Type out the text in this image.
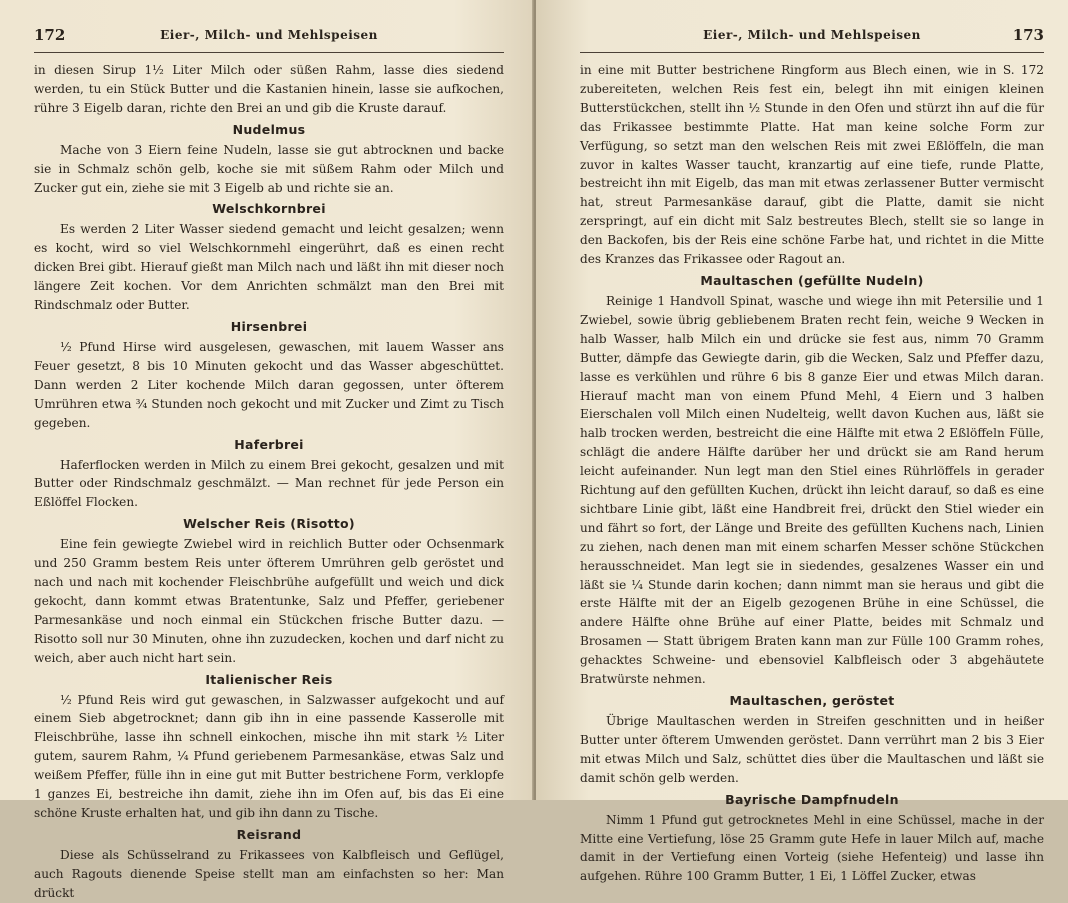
172	Eier-, Milch- und Mehlspeisen

in diesen Sirup 1½ Liter Milch oder süßen Rahm, lasse dies siedend werden, tu ein Stück Butter und die Kastanien hinein, lasse sie aufkochen, rühre 3 Eigelb daran, richte den Brei an und gib die Kruste darauf.

Nudelmus

Mache von 3 Eiern feine Nudeln, lasse sie gut abtrocknen und backe sie in Schmalz schön gelb, koche sie mit süßem Rahm oder Milch und Zucker gut ein, ziehe sie mit 3 Eigelb ab und richte sie an.

Welschkornbrei

Es werden 2 Liter Wasser siedend gemacht und leicht gesalzen; wenn es kocht, wird so viel Welschkornmehl eingerührt, daß es einen recht dicken Brei gibt. Hierauf gießt man Milch nach und läßt ihn mit dieser noch längere Zeit kochen. Vor dem Anrichten schmälzt man den Brei mit Rindschmalz oder Butter.

Hirsenbrei

½ Pfund Hirse wird ausgelesen, gewaschen, mit lauem Wasser ans Feuer gesetzt, 8 bis 10 Minuten gekocht und das Wasser abgeschüttet. Dann werden 2 Liter kochende Milch daran gegossen, unter öfterem Umrühren etwa ¾ Stunden noch gekocht und mit Zucker und Zimt zu Tisch gegeben.

Haferbrei

Haferflocken werden in Milch zu einem Brei gekocht, gesalzen und mit Butter oder Rindschmalz geschmälzt. — Man rechnet für jede Person ein Eßlöffel Flocken.

Welscher Reis (Risotto)

Eine fein gewiegte Zwiebel wird in reichlich Butter oder Ochsenmark und 250 Gramm bestem Reis unter öfterem Umrühren gelb geröstet und nach und nach mit kochender Fleischbrühe aufgefüllt und weich und dick gekocht, dann kommt etwas Bratentunke, Salz und Pfeffer, geriebener Parmesankäse und noch einmal ein Stückchen frische Butter dazu. — Risotto soll nur 30 Minuten, ohne ihn zuzudecken, kochen und darf nicht zu weich, aber auch nicht hart sein.

Italienischer Reis

½ Pfund Reis wird gut gewaschen, in Salzwasser aufgekocht und auf einem Sieb abgetrocknet; dann gib ihn in eine passende Kasserolle mit Fleischbrühe, lasse ihn schnell einkochen, mische ihn mit stark ½ Liter gutem, saurem Rahm, ¼ Pfund geriebenem Parmesankäse, etwas Salz und weißem Pfeffer, fülle ihn in eine gut mit Butter bestrichene Form, verklopfe 1 ganzes Ei, bestreiche ihn damit, ziehe ihn im Ofen auf, bis das Ei eine schöne Kruste erhalten hat, und gib ihn dann zu Tische.

Reisrand

Diese als Schüsselrand zu Frikassees von Kalbfleisch und Geflügel, auch Ragouts dienende Speise stellt man am einfachsten so her: Man drückt

Eier-, Milch- und Mehlspeisen	173

in eine mit Butter bestrichene Ringform aus Blech einen, wie in S. 172 zubereiteten, welchen Reis fest ein, belegt ihn mit einigen kleinen Butterstückchen, stellt ihn ½ Stunde in den Ofen und stürzt ihn auf die für das Frikassee bestimmte Platte. Hat man keine solche Form zur Verfügung, so setzt man den welschen Reis mit zwei Eßlöffeln, die man zuvor in kaltes Wasser taucht, kranzartig auf eine tiefe, runde Platte, bestreicht ihn mit Eigelb, das man mit etwas zerlassener Butter vermischt hat, streut Parmesankäse darauf, gibt die Platte, damit sie nicht zerspringt, auf ein dicht mit Salz bestreutes Blech, stellt sie so lange in den Backofen, bis der Reis eine schöne Farbe hat, und richtet in die Mitte des Kranzes das Frikassee oder Ragout an.

Maultaschen (gefüllte Nudeln)

Reinige 1 Handvoll Spinat, wasche und wiege ihn mit Petersilie und 1 Zwiebel, sowie übrig gebliebenem Braten recht fein, weiche 9 Wecken in halb Wasser, halb Milch ein und drücke sie fest aus, nimm 70 Gramm Butter, dämpfe das Gewiegte darin, gib die Wecken, Salz und Pfeffer dazu, lasse es verkühlen und rühre 6 bis 8 ganze Eier und etwas Milch daran. Hierauf macht man von einem Pfund Mehl, 4 Eiern und 3 halben Eierschalen voll Milch einen Nudelteig, wellt davon Kuchen aus, läßt sie halb trocken werden, bestreicht die eine Hälfte mit etwa 2 Eßlöffeln Fülle, schlägt die andere Hälfte darüber her und drückt sie am Rand herum leicht aufeinander. Nun legt man den Stiel eines Rührlöffels in gerader Richtung auf den gefüllten Kuchen, drückt ihn leicht darauf, so daß es eine sichtbare Linie gibt, läßt eine Handbreit frei, drückt den Stiel wieder ein und fährt so fort, der Länge und Breite des gefüllten Kuchens nach, Linien zu ziehen, nach denen man mit einem scharfen Messer schöne Stückchen herausschneidet. Man legt sie in siedendes, gesalzenes Wasser ein und läßt sie ¼ Stunde darin kochen; dann nimmt man sie heraus und gibt die erste Hälfte mit der an Eigelb gezogenen Brühe in eine Schüssel, die andere Hälfte ohne Brühe auf einer Platte, beides mit Schmalz und Brosamen — Statt übrigem Braten kann man zur Fülle 100 Gramm rohes, gehacktes Schweine- und ebensoviel Kalbfleisch oder 3 abgehäutete Bratwürste nehmen.

Maultaschen, geröstet

Übrige Maultaschen werden in Streifen geschnitten und in heißer Butter unter öfterem Umwenden geröstet. Dann verrührt man 2 bis 3 Eier mit etwas Milch und Salz, schüttet dies über die Maultaschen und läßt sie damit schön gelb werden.

Bayrische Dampfnudeln

Nimm 1 Pfund gut getrocknetes Mehl in eine Schüssel, mache in der Mitte eine Vertiefung, löse 25 Gramm gute Hefe in lauer Milch auf, mache damit in der Vertiefung einen Vorteig (siehe Hefenteig) und lasse ihn aufgehen. Rühre 100 Gramm Butter, 1 Ei, 1 Löffel Zucker, etwas
